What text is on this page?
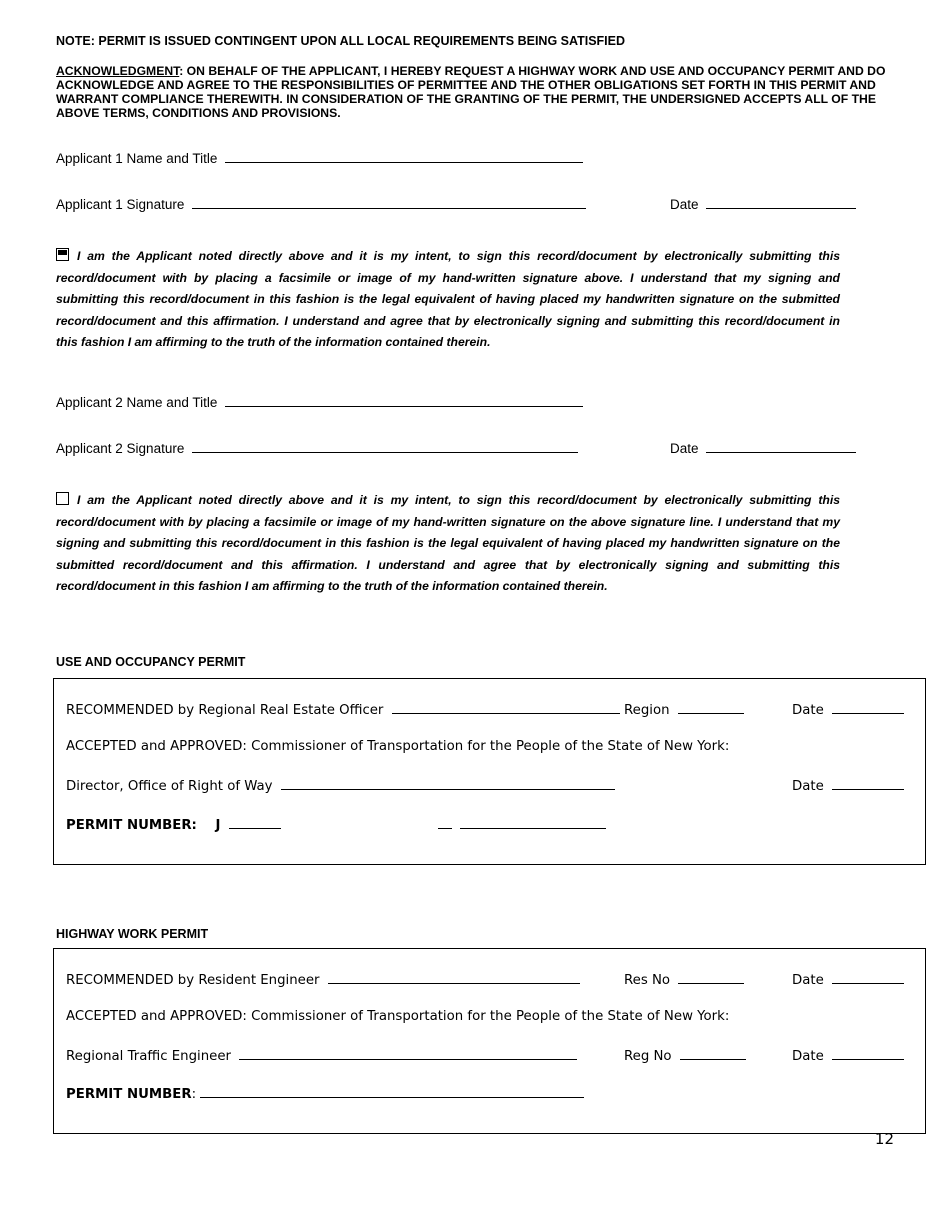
NOTE: PERMIT IS ISSUED CONTINGENT UPON ALL LOCAL REQUIREMENTS BEING SATISFIED
ACKNOWLEDGMENT: ON BEHALF OF THE APPLICANT, I HEREBY REQUEST A HIGHWAY WORK AND USE AND OCCUPANCY PERMIT AND DO ACKNOWLEDGE AND AGREE TO THE RESPONSIBILITIES OF PERMITTEE AND THE OTHER OBLIGATIONS SET FORTH IN THIS PERMIT AND WARRANT COMPLIANCE THEREWITH. IN CONSIDERATION OF THE GRANTING OF THE PERMIT, THE UNDERSIGNED ACCEPTS ALL OF THE ABOVE TERMS, CONDITIONS AND PROVISIONS.
Applicant 1 Name and Title
Applicant 1 Signature	Date
I am the Applicant noted directly above and it is my intent, to sign this record/document by electronically submitting this record/document with by placing a facsimile or image of my hand-written signature above. I understand that my signing and submitting this record/document in this fashion is the legal equivalent of having placed my handwritten signature on the submitted record/document and this affirmation. I understand and agree that by electronically signing and submitting this record/document in this fashion I am affirming to the truth of the information contained therein.
Applicant 2 Name and Title
Applicant 2 Signature	Date
I am the Applicant noted directly above and it is my intent, to sign this record/document by electronically submitting this record/document with by placing a facsimile or image of my hand-written signature on the above signature line. I understand that my signing and submitting this record/document in this fashion is the legal equivalent of having placed my handwritten signature on the submitted record/document and this affirmation. I understand and agree that by electronically signing and submitting this record/document in this fashion I am affirming to the truth of the information contained therein.
USE AND OCCUPANCY PERMIT
RECOMMENDED by Regional Real Estate Officer	Region	Date
ACCEPTED and APPROVED: Commissioner of Transportation for the People of the State of New York:
Director, Office of Right of Way	Date
PERMIT NUMBER: J

HIGHWAY WORK PERMIT
RECOMMENDED by Resident Engineer	Res No	Date
ACCEPTED and APPROVED: Commissioner of Transportation for the People of the State of New York:
Regional Traffic Engineer	Reg No	Date
PERMIT NUMBER:
12
